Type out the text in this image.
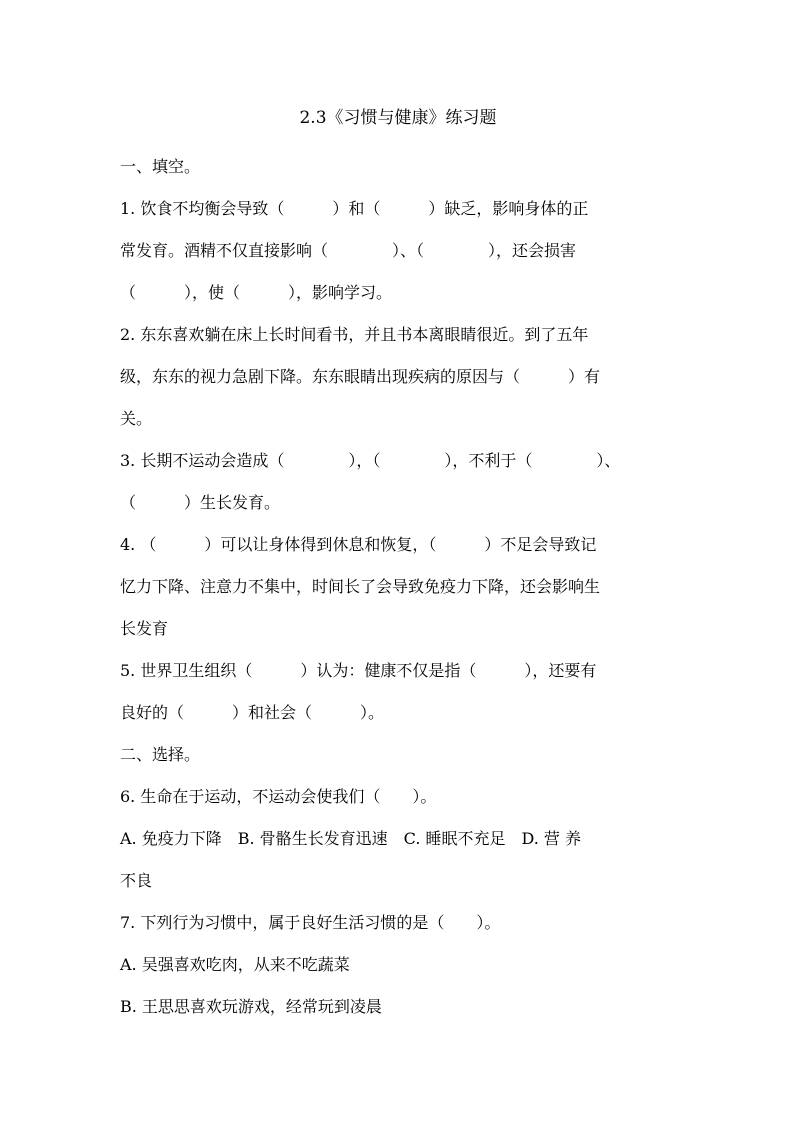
2.3《习惯与健康》练习题
一、填空。
1. 饮食不均衡会导致（　　　）和（　　　）缺乏，影响身体的正
常发育。酒精不仅直接影响（　　　　）、（　　　　），还会损害
（　　　），使（　　　），影响学习。
2. 东东喜欢躺在床上长时间看书，并且书本离眼睛很近。到了五年
级，东东的视力急剧下降。东东眼睛出现疾病的原因与（　　　）有
关。
3. 长期不运动会造成（　　　　），（　　　　），不利于（　　　　）、
（　　　）生长发育。
4. （　　　）可以让身体得到休息和恢复，（　　　）不足会导致记
忆力下降、注意力不集中，时间长了会导致免疫力下降，还会影响生
长发育
5. 世界卫生组织（　　　）认为：健康不仅是指（　　　），还要有
良好的（　　　）和社会（　　　）。
二、选择。
6. 生命在于运动，不运动会使我们（　　）。
A. 免疫力下降　B. 骨骼生长发育迅速　C. 睡眠不充足　D. 营 养
不良
7. 下列行为习惯中，属于良好生活习惯的是（　　）。
A. 吴强喜欢吃肉，从来不吃蔬菜
B. 王思思喜欢玩游戏，经常玩到凌晨
